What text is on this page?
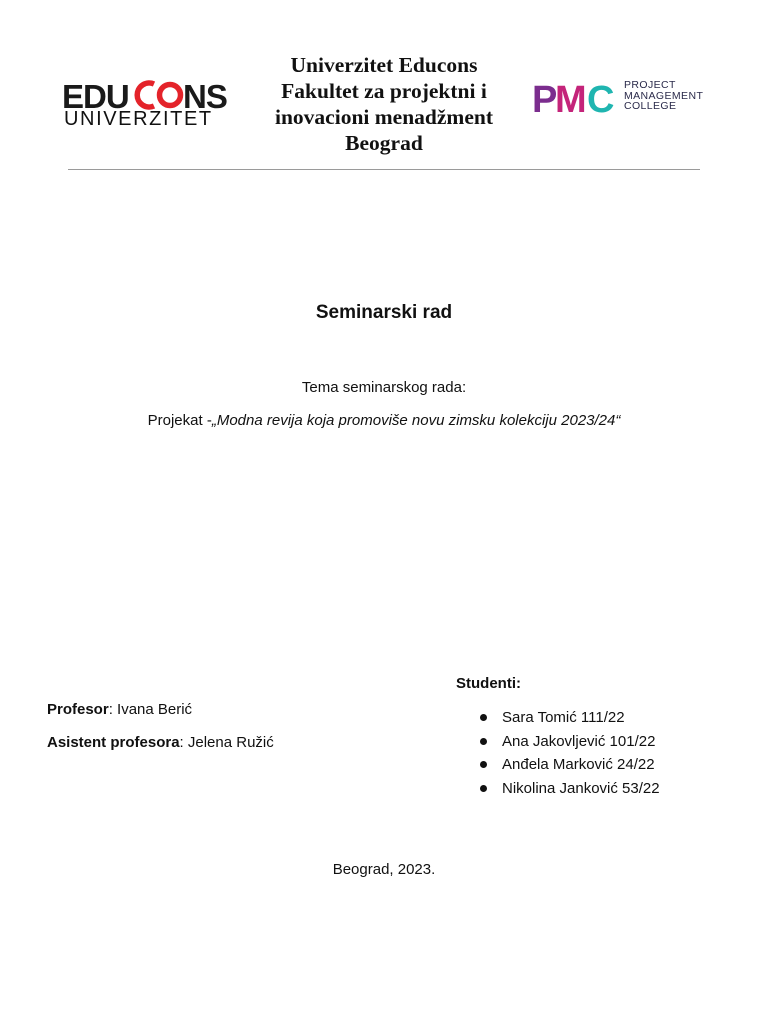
EDU NS
UNIVERZITET
Univerzitet Educons
Fakultet za projektni i
inovacioni menadžment
Beograd
P
M C PROJECT
MANAGEMENT
COLLEGE
Seminarski rad
Tema seminarskog rada:
Projekat -„Modna revija koja promoviše novu zimsku kolekciju 2023/24“
Profesor: Ivana Berić
Asistent profesora: Jelena Ružić
Studenti:
Sara Tomić 111/22
Ana Jakovljević 101/22
Anđela Marković 24/22
Nikolina Janković 53/22
Beograd, 2023.
